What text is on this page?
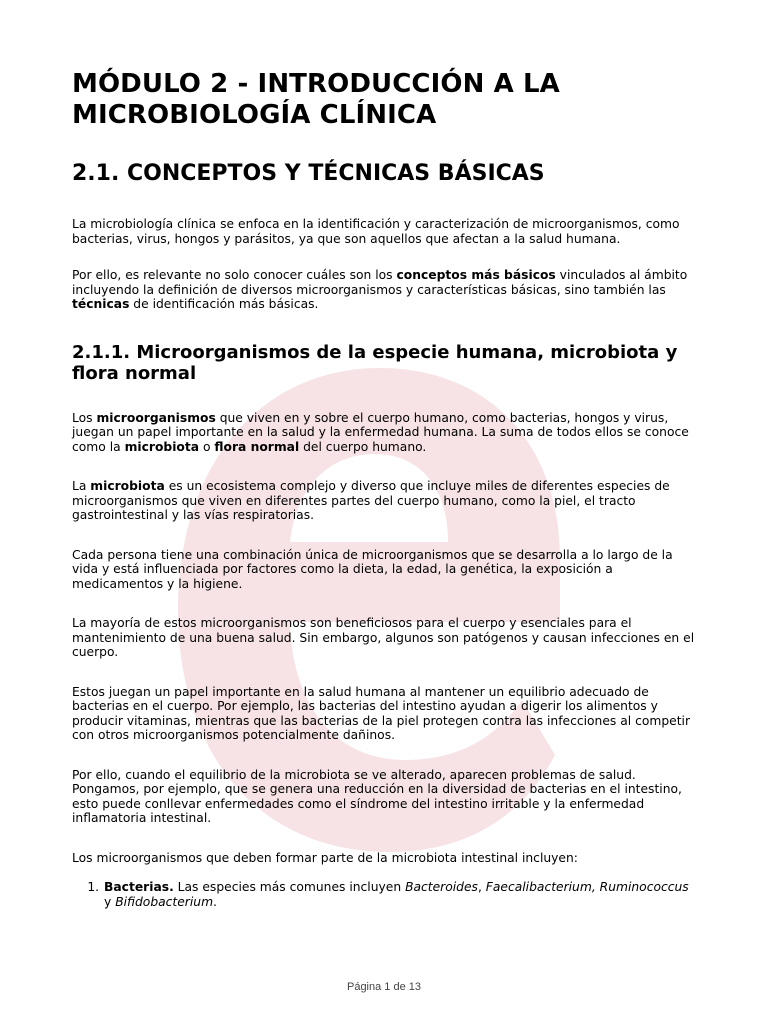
MÓDULO 2 - INTRODUCCIÓN A LA
MICROBIOLOGÍA CLÍNICA
2.1. CONCEPTOS Y TÉCNICAS BÁSICAS

La microbiología clínica se enfoca en la identificación y caracterización de microorganismos, como bacterias, virus, hongos y parásitos, ya que son aquellos que afectan a la salud humana.

Por ello, es relevante no solo conocer cuáles son los conceptos más básicos vinculados al ámbito incluyendo la definición de diversos microorganismos y características básicas, sino también las técnicas de identificación más básicas.

2.1.1. Microorganismos de la especie humana, microbiota y flora normal

Los microorganismos que viven en y sobre el cuerpo humano, como bacterias, hongos y virus, juegan un papel importante en la salud y la enfermedad humana. La suma de todos ellos se conoce como la microbiota o flora normal del cuerpo humano.

La microbiota es un ecosistema complejo y diverso que incluye miles de diferentes especies de microorganismos que viven en diferentes partes del cuerpo humano, como la piel, el tracto gastrointestinal y las vías respiratorias.

Cada persona tiene una combinación única de microorganismos que se desarrolla a lo largo de la vida y está influenciada por factores como la dieta, la edad, la genética, la exposición a medicamentos y la higiene.

La mayoría de estos microorganismos son beneficiosos para el cuerpo y esenciales para el mantenimiento de una buena salud. Sin embargo, algunos son patógenos y causan infecciones en el cuerpo.

Estos juegan un papel importante en la salud humana al mantener un equilibrio adecuado de bacterias en el cuerpo. Por ejemplo, las bacterias del intestino ayudan a digerir los alimentos y producir vitaminas, mientras que las bacterias de la piel protegen contra las infecciones al competir con otros microorganismos potencialmente dañinos.

Por ello, cuando el equilibrio de la microbiota se ve alterado, aparecen problemas de salud. Pongamos, por ejemplo, que se genera una reducción en la diversidad de bacterias en el intestino, esto puede conllevar enfermedades como el síndrome del intestino irritable y la enfermedad inflamatoria intestinal.

Los microorganismos que deben formar parte de la microbiota intestinal incluyen:

1. Bacterias. Las especies más comunes incluyen Bacteroides, Faecalibacterium, Ruminococcus y Bifidobacterium.
Página 1 de 13
